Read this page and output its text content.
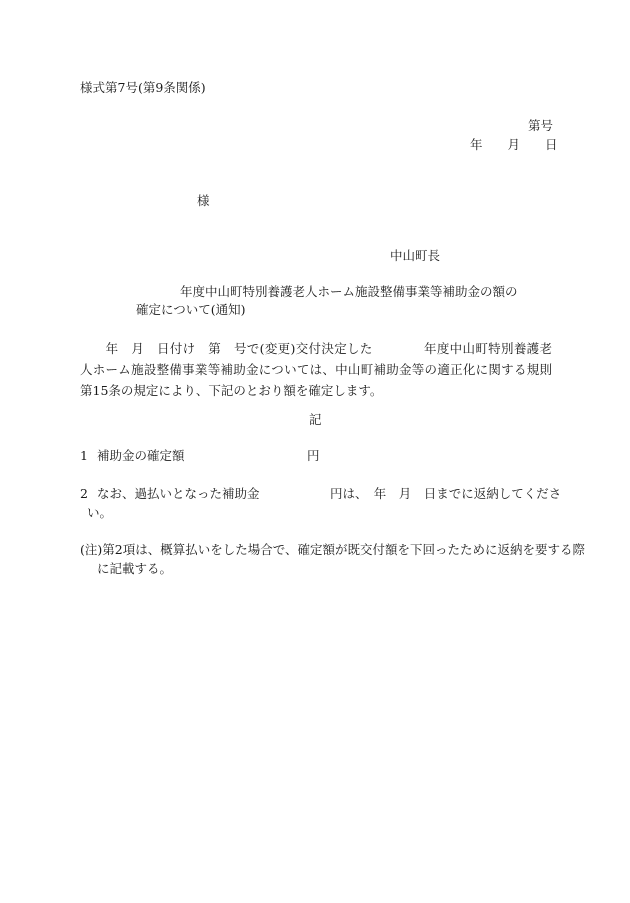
様式第7号(第9条関係)
第号
年　　月　　日
様
中山町長
年度中山町特別養護老人ホーム施設整備事業等補助金の額の
確定について(通知)
　　年　月　日付け　第　号で(変更)交付決定した　　　　年度中山町特別養護老人ホーム施設整備事業等補助金については、中山町補助金等の適正化に関する規則第15条の規定により、下記のとおり額を確定します。
記
1 補助金の確定額	円
2 なお、過払いとなった補助金	円は、　年　月　日までに返納してくださ
い。
(注)第2項は、概算払いをした場合で、確定額が既交付額を下回ったために返納を要する際
に記載する。
